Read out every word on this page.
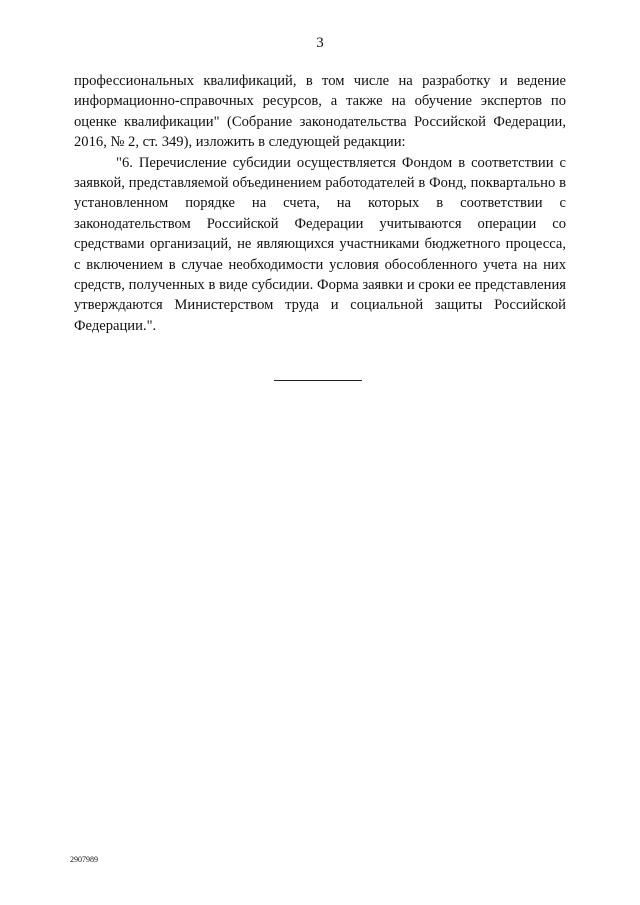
3

профессиональных квалификаций, в том числе на разработку и ведение информационно-справочных ресурсов, а также на обучение экспертов по оценке квалификации" (Собрание законодательства Российской Федерации, 2016, № 2, ст. 349), изложить в следующей редакции:

"6. Перечисление субсидии осуществляется Фондом в соответствии с заявкой, представляемой объединением работодателей в Фонд, поквартально в установленном порядке на счета, на которых в соответствии с законодательством Российской Федерации учитываются операции со средствами организаций, не являющихся участниками бюджетного процесса, с включением в случае необходимости условия обособленного учета на них средств, полученных в виде субсидии. Форма заявки и сроки ее представления утверждаются Министерством труда и социальной защиты Российской Федерации.".

2907989
